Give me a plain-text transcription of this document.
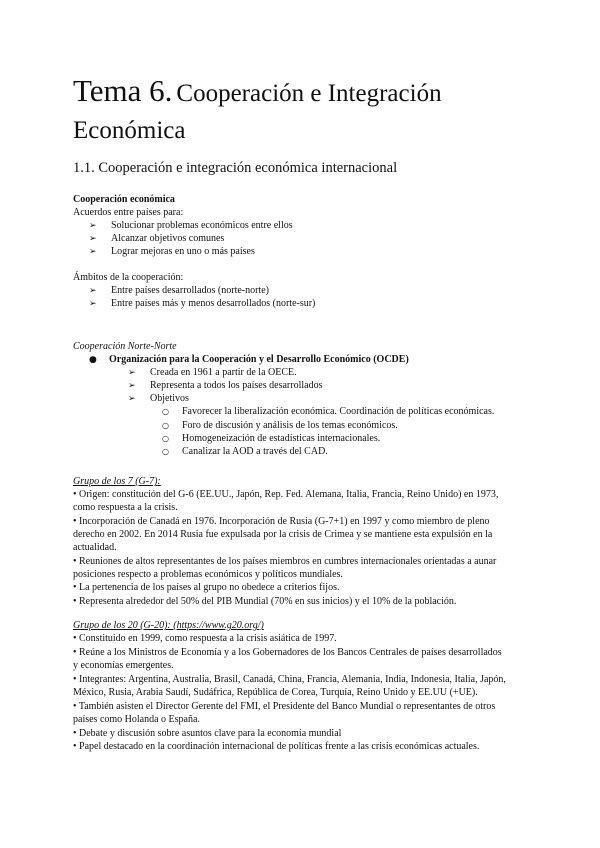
Tema 6. Cooperación e Integración
Económica
1.1. Cooperación e integración económica internacional
Cooperación económica
Acuerdos entre países para:
➢ Solucionar problemas económicos entre ellos
➢ Alcanzar objetivos comunes
➢ Lograr mejoras en uno o más países
Ámbitos de la cooperación:
➢ Entre países desarrollados (norte-norte)
➢ Entre países más y menos desarrollados (norte-sur)
Cooperación Norte-Norte
● Organización para la Cooperación y el Desarrollo Económico (OCDE)
➢ Creada en 1961 a partir de la OECE.
➢ Representa a todos los países desarrollados
➢ Objetivos
○ Favorecer la liberalización económica. Coordinación de políticas económicas.
○ Foro de discusión y análisis de los temas económicos.
○ Homogeneización de estadísticas internacionales.
○ Canalizar la AOD a través del CAD.
Grupo de los 7 (G-7):
• Origen: constitución del G-6 (EE.UU., Japón, Rep. Fed. Alemana, Italia, Francia, Reino Unido) en 1973,
como respuesta a la crisis.
• Incorporación de Canadá en 1976. Incorporación de Rusia (G-7+1) en 1997 y como miembro de pleno
derecho en 2002. En 2014 Rusia fue expulsada por la crisis de Crimea y se mantiene esta expulsión en la
actualidad.
• Reuniones de altos representantes de los países miembros en cumbres internacionales orientadas a aunar
posiciones respecto a problemas económicos y políticos mundiales.
• La pertenencia de los países al grupo no obedece a criterios fijos.
• Representa alrededor del 50% del PIB Mundial (70% en sus inicios) y el 10% de la población.
Grupo de los 20 (G-20): (https://www.g20.org/)
• Constituido en 1999, como respuesta a la crisis asiática de 1997.
• Reúne a los Ministros de Economía y a los Gobernadores de los Bancos Centrales de países desarrollados
y economías emergentes.
• Integrantes: Argentina, Australia, Brasil, Canadá, China, Francia, Alemania, India, Indonesia, Italia, Japón,
México, Rusia, Arabia Saudí, Sudáfrica, República de Corea, Turquía, Reino Unido y EE.UU (+UE).
• También asisten el Director Gerente del FMI, el Presidente del Banco Mundial o representantes de otros
países como Holanda o España.
• Debate y discusión sobre asuntos clave para la economía mundial
• Papel destacado en la coordinación internacional de políticas frente a las crisis económicas actuales.
